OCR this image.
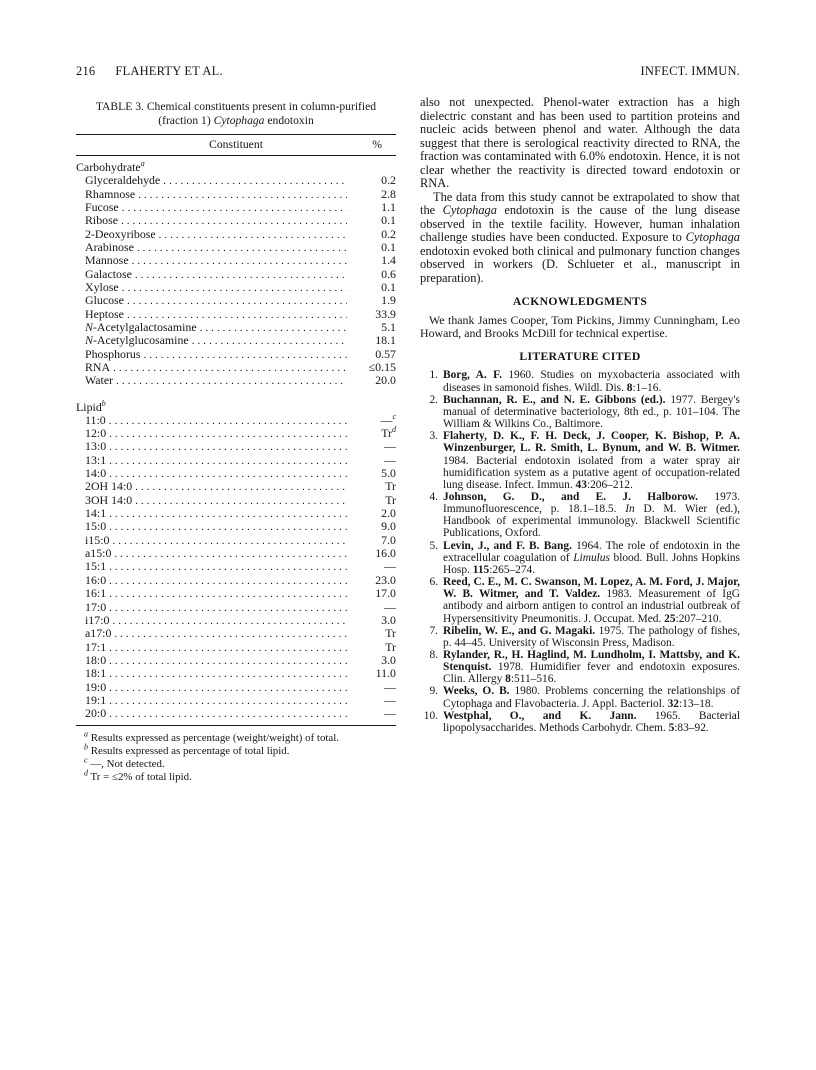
216 FLAHERTY ET AL.	INFECT. IMMUN.
TABLE 3. Chemical constituents present in column-purified
(fraction 1) Cytophaga endotoxin
Constituent	%
Carbohydrate$^a$
Glyceraldehyde .....	0.2
Rhamnose .....	2.8
Fucose .....	1.1
Ribose .....	0.1
2-Deoxyribose .....	0.2
Arabinose .....	0.1
Mannose .....	1.4
Galactose .....	0.6
Xylose .....	0.1
Glucose .....	1.9
Heptose .....	33.9
N-Acetylgalactosamine .....	5.1
N-Acetylglucosamine .....	18.1
Phosphorus .....	0.57
RNA .....	≤0.15
Water .....	20.0
Lipid$^b$
11:0 .....	—$^c$
12:0 .....	Tr$^d$
13:0 .....	—
13:1 .....	—
14:0 .....	5.0
2OH 14:0 .....	Tr
3OH 14:0 .....	Tr
14:1 .....	2.0
15:0 .....	9.0
i15:0 .....	7.0
a15:0 .....	16.0
15:1 .....	—
16:0 .....	23.0
16:1 .....	17.0
17:0 .....	—
i17:0 .....	3.0
a17:0 .....	Tr
17:1 .....	Tr
18:0 .....	3.0
18:1 .....	11.0
19:0 .....	—
19:1 .....	—
20:0 .....	—
$^a$ Results expressed as percentage (weight/weight) of total.
$^b$ Results expressed as percentage of total lipid.
$^c$ —, Not detected.
$^d$ Tr = ≤2% of total lipid.
also not unexpected. Phenol-water extraction has a high dielectric constant and has been used to partition proteins and nucleic acids between phenol and water. Although the data suggest that there is serological reactivity directed to RNA, the fraction was contaminated with 6.0% endotoxin. Hence, it is not clear whether the reactivity is directed toward endotoxin or RNA.
The data from this study cannot be extrapolated to show that the Cytophaga endotoxin is the cause of the lung disease observed in the textile facility. However, human inhalation challenge studies have been conducted. Exposure to Cytophaga endotoxin evoked both clinical and pulmonary function changes observed in workers (D. Schlueter et al., manuscript in preparation).
ACKNOWLEDGMENTS
We thank James Cooper, Tom Pickins, Jimmy Cunningham, Leo Howard, and Brooks McDill for technical expertise.
LITERATURE CITED
1. Borg, A. F. 1960. Studies on myxobacteria associated with diseases in samonoid fishes. Wildl. Dis. 8:1–16.
2. Buchannan, R. E., and N. E. Gibbons (ed.). 1977. Bergey's manual of determinative bacteriology, 8th ed., p. 101–104. The William & Wilkins Co., Baltimore.
3. Flaherty, D. K., F. H. Deck, J. Cooper, K. Bishop, P. A. Winzenburger, L. R. Smith, L. Bynum, and W. B. Witmer. 1984. Bacterial endotoxin isolated from a water spray air humidification system as a putative agent of occupation-related lung disease. Infect. Immun. 43:206–212.
4. Johnson, G. D., and E. J. Halborow. 1973. Immunofluorescence, p. 18.1–18.5. In D. M. Wier (ed.), Handbook of experimental immunology. Blackwell Scientific Publications, Oxford.
5. Levin, J., and F. B. Bang. 1964. The role of endotoxin in the extracellular coagulation of Limulus blood. Bull. Johns Hopkins Hosp. 115:265–274.
6. Reed, C. E., M. C. Swanson, M. Lopez, A. M. Ford, J. Major, W. B. Witmer, and T. Valdez. 1983. Measurement of IgG antibody and airborn antigen to control an industrial outbreak of Hypersensitivity Pneumonitis. J. Occupat. Med. 25:207–210.
7. Ribelin, W. E., and G. Magaki. 1975. The pathology of fishes, p. 44–45. University of Wisconsin Press, Madison.
8. Rylander, R., H. Haglind, M. Lundholm, I. Mattsby, and K. Stenquist. 1978. Humidifier fever and endotoxin exposures. Clin. Allergy 8:511–516.
9. Weeks, O. B. 1980. Problems concerning the relationships of Cytophaga and Flavobacteria. J. Appl. Bacteriol. 32:13–18.
10. Westphal, O., and K. Jann. 1965. Bacterial lipopolysaccharides. Methods Carbohydr. Chem. 5:83–92.
